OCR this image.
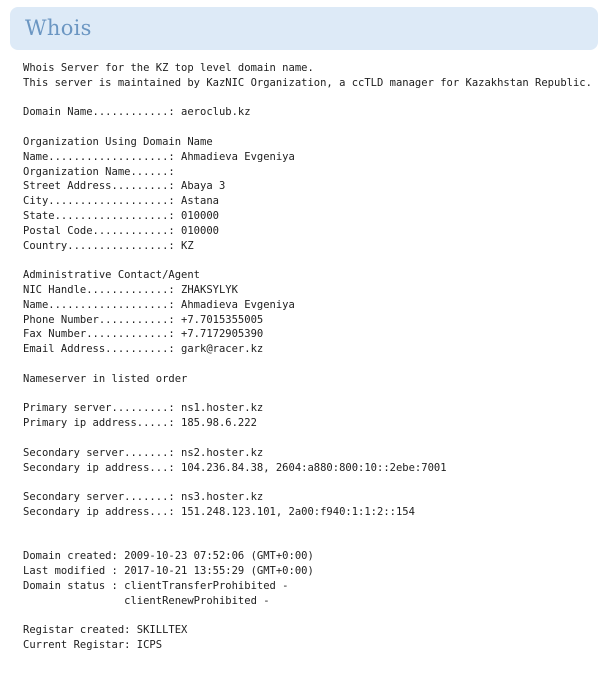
Whois
Whois Server for the KZ top level domain name.
This server is maintained by KazNIC Organization, a ccTLD manager for Kazakhstan Republic.
Domain Name............: aeroclub.kz
Organization Using Domain Name
Name...................: Ahmadieva Evgeniya
Organization Name......:
Street Address.........: Abaya 3
City...................: Astana
State..................: 010000
Postal Code............: 010000
Country................: KZ
Administrative Contact/Agent
NIC Handle.............: ZHAKSYLYK
Name...................: Ahmadieva Evgeniya
Phone Number...........: +7.7015355005
Fax Number.............: +7.7172905390
Email Address..........: gark@racer.kz
Nameserver in listed order
Primary server.........: ns1.hoster.kz
Primary ip address.....: 185.98.6.222
Secondary server.......: ns2.hoster.kz
Secondary ip address...: 104.236.84.38, 2604:a880:800:10::2ebe:7001
Secondary server.......: ns3.hoster.kz
Secondary ip address...: 151.248.123.101, 2a00:f940:1:1:2::154
Domain created: 2009-10-23 07:52:06 (GMT+0:00)
Last modified : 2017-10-21 13:55:29 (GMT+0:00)
Domain status : clientTransferProhibited -
clientRenewProhibited -
Registar created: SKILLTEX
Current Registar: ICPS
